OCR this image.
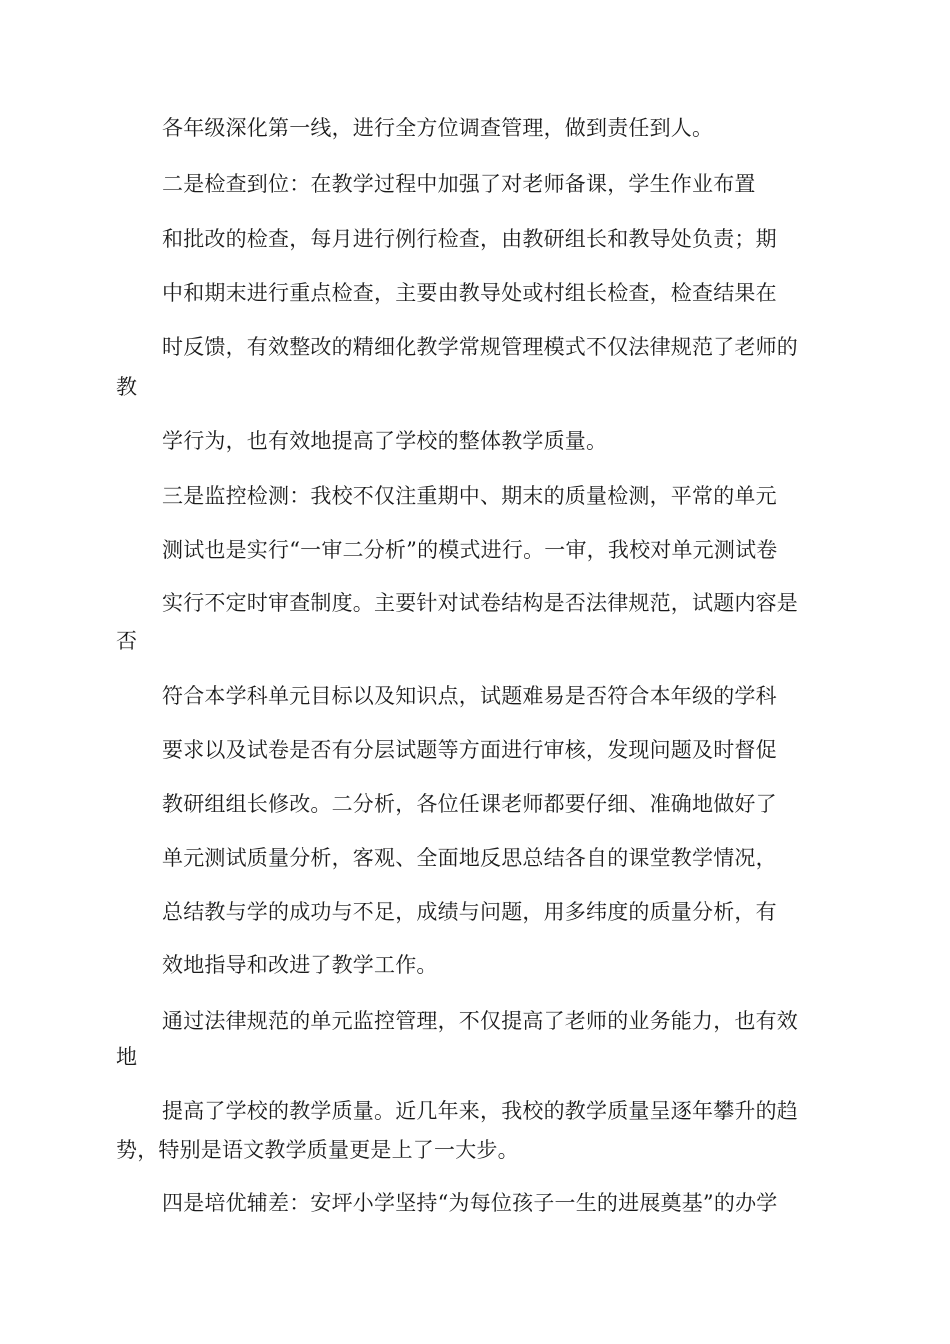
各年级深化第一线，进行全方位调查管理，做到责任到人。

二是检查到位：在教学过程中加强了对老师备课，学生作业布置

和批改的检查，每月进行例行检查，由教研组长和教导处负责；期

中和期末进行重点检查，主要由教导处或村组长检查，检查结果在

时反馈，有效整改的精细化教学常规管理模式不仅法律规范了老师的

教

学行为，也有效地提高了学校的整体教学质量。

三是监控检测：我校不仅注重期中、期末的质量检测，平常的单元

测试也是实行“一审二分析”的模式进行。一审，我校对单元测试卷

实行不定时审查制度。主要针对试卷结构是否法律规范，试题内容是

否

符合本学科单元目标以及知识点，试题难易是否符合本年级的学科

要求以及试卷是否有分层试题等方面进行审核，发现问题及时督促

教研组组长修改。二分析，各位任课老师都要仔细、准确地做好了

单元测试质量分析，客观、全面地反思总结各自的课堂教学情况，

总结教与学的成功与不足，成绩与问题，用多纬度的质量分析，有

效地指导和改进了教学工作。

通过法律规范的单元监控管理，不仅提高了老师的业务能力，也有效

地

提高了学校的教学质量。近几年来，我校的教学质量呈逐年攀升的趋

势，特别是语文教学质量更是上了一大步。

四是培优辅差：安坪小学坚持“为每位孩子一生的进展奠基”的办学
